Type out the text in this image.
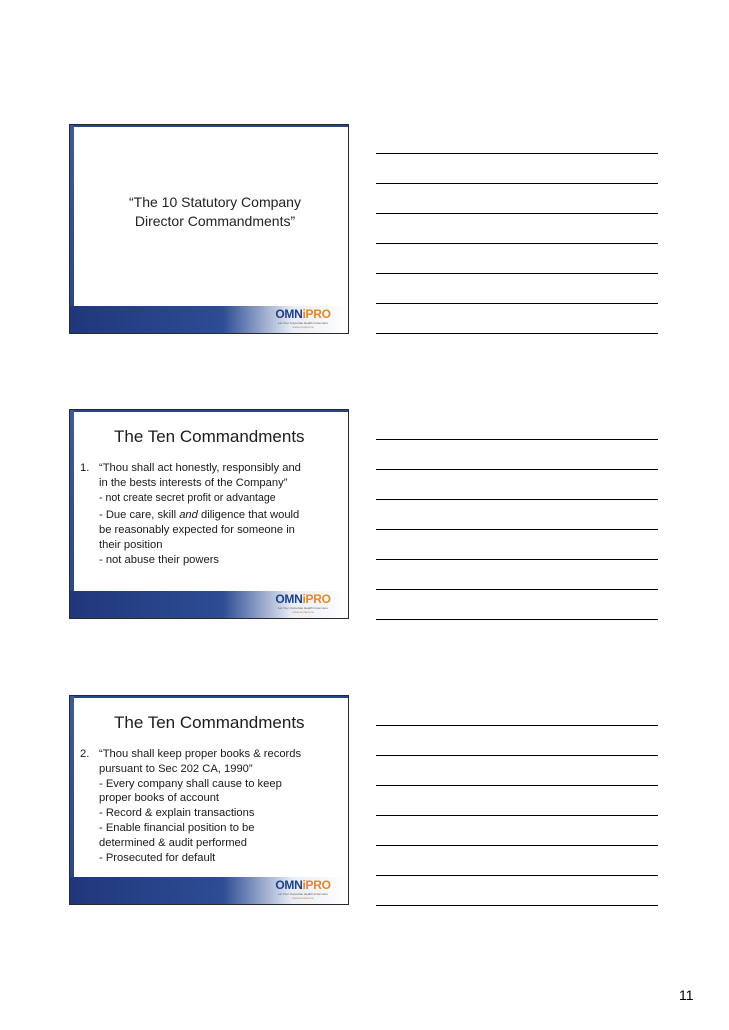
“The 10 Statutory Company
Director Commandments”
OMNiPRO
Let Your Corporate Health Grow Here
www.omnipro.ie
The Ten Commandments
1. “Thou shall act honestly, responsibly and
in the bests interests of the Company”
- not create secret profit or advantage
- Due care, skill and diligence that would
be reasonably expected for someone in
their position
- not abuse their powers
OMNiPRO
Let Your Corporate Health Grow Here
www.omnipro.ie
The Ten Commandments
2. “Thou shall keep proper books & records
pursuant to Sec 202 CA, 1990”
- Every company shall cause to keep
proper books of account
- Record & explain transactions
- Enable financial position to be
determined & audit performed
- Prosecuted for default
OMNiPRO
Let Your Corporate Health Grow Here
www.omnipro.ie
11
